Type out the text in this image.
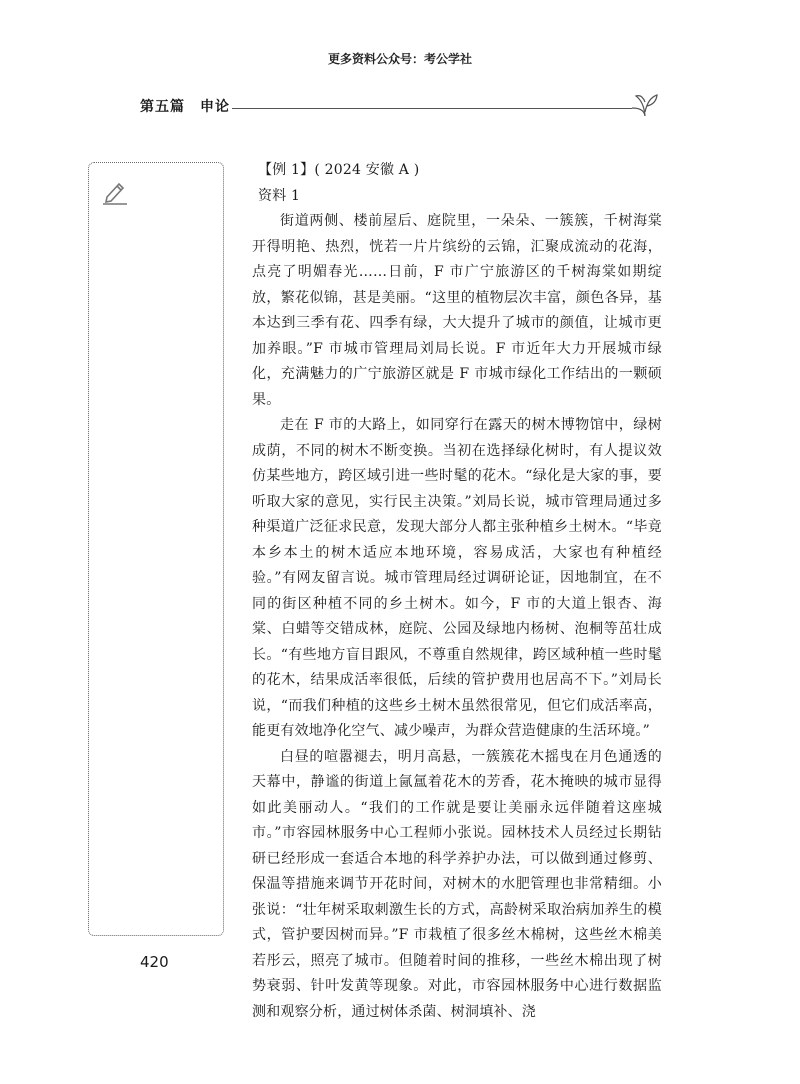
更多资料公众号：考公学社
第五篇　申论

【例 1】( 2024 安徽 A )

资料 1

街道两侧、楼前屋后、庭院里，一朵朵、一簇簇，千树海棠开得明艳、热烈，恍若一片片缤纷的云锦，汇聚成流动的花海，点亮了明媚春光……日前，F 市广宁旅游区的千树海棠如期绽放，繁花似锦，甚是美丽。“这里的植物层次丰富，颜色各异，基本达到三季有花、四季有绿，大大提升了城市的颜值，让城市更加养眼。”F 市城市管理局刘局长说。F 市近年大力开展城市绿化，充满魅力的广宁旅游区就是 F 市城市绿化工作结出的一颗硕果。

走在 F 市的大路上，如同穿行在露天的树木博物馆中，绿树成荫，不同的树木不断变换。当初在选择绿化树时，有人提议效仿某些地方，跨区域引进一些时髦的花木。“绿化是大家的事，要听取大家的意见，实行民主决策。”刘局长说，城市管理局通过多种渠道广泛征求民意，发现大部分人都主张种植乡土树木。“毕竟本乡本土的树木适应本地环境，容易成活，大家也有种植经验。”有网友留言说。城市管理局经过调研论证，因地制宜，在不同的街区种植不同的乡土树木。如今，F 市的大道上银杏、海棠、白蜡等交错成林，庭院、公园及绿地内杨树、泡桐等茁壮成长。“有些地方盲目跟风，不尊重自然规律，跨区域种植一些时髦的花木，结果成活率很低，后续的管护费用也居高不下。”刘局长说，“而我们种植的这些乡土树木虽然很常见，但它们成活率高，能更有效地净化空气、减少噪声，为群众营造健康的生活环境。”

白昼的喧嚣褪去，明月高悬，一簇簇花木摇曳在月色通透的天幕中，静谧的街道上氤氲着花木的芳香，花木掩映的城市显得如此美丽动人。“我们的工作就是要让美丽永远伴随着这座城市。”市容园林服务中心工程师小张说。园林技术人员经过长期钻研已经形成一套适合本地的科学养护办法，可以做到通过修剪、保温等措施来调节开花时间，对树木的水肥管理也非常精细。小张说：“壮年树采取刺激生长的方式，高龄树采取治病加养生的模式，管护要因树而异。”F 市栽植了很多丝木棉树，这些丝木棉美若彤云，照亮了城市。但随着时间的推移，一些丝木棉出现了树势衰弱、针叶发黄等现象。对此，市容园林服务中心进行数据监测和观察分析，通过树体杀菌、树洞填补、浇

420
